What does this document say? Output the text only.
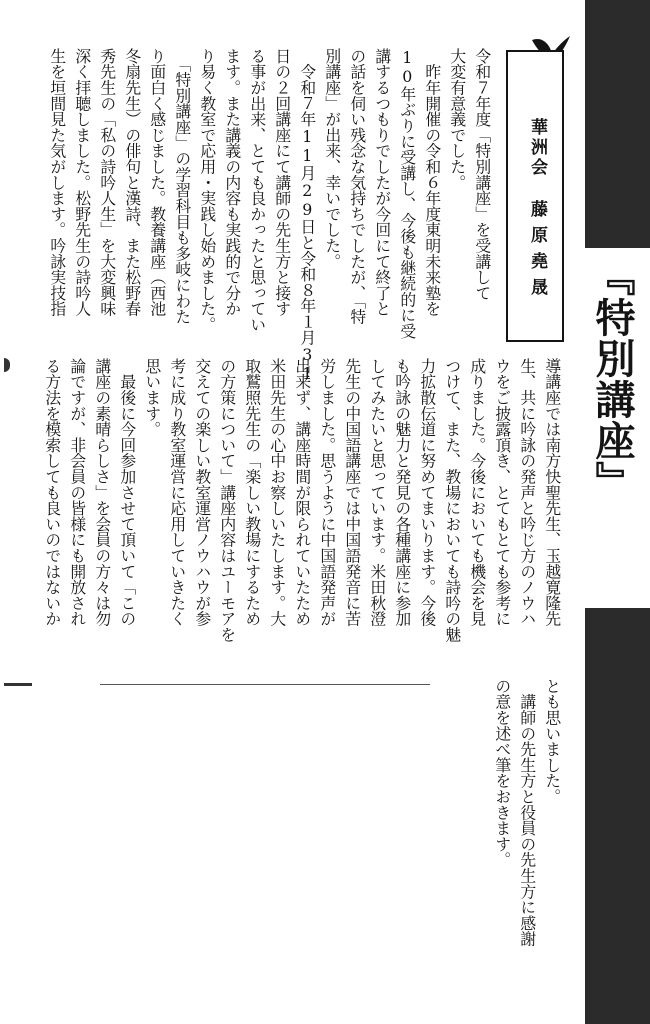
『特別講座』
華洲会
藤原堯晟
令和７年度「特別講座」を受講して
大変有意義でした。
　昨年開催の令和６年度東明未来塾を
10年ぶりに受講し、今後も継続的に受
講するつもりでしたが今回にて終了と
の話を伺い残念な気持ちでしたが、「特
別講座」が出来、幸いでした。
　令和７年11月29日と令和８年１月31
日の２回講座にて講師の先生方と接す
る事が出来、とても良かったと思ってい
ます。また講義の内容も実践的で分か
り易く教室で応用・実践し始めました。
　「特別講座」の学習科目も多岐にわた
り面白く感じました。教養講座（西池
冬扇先生）の俳句と漢詩、また松野春
秀先生の「私の詩吟人生」を大変興味
深く拝聴しました。松野先生の詩吟人
生を垣間見た気がします。吟詠実技指
導講座では南方快聖先生、玉越寛隆先
生、共に吟詠の発声と吟じ方のノウハ
ウをご披露頂き、とてもとても参考に
成りました。今後においても機会を見
つけて、また、教場においても詩吟の魅
力拡散伝道に努めてまいります。今後
も吟詠の魅力と発見の各種講座に参加
してみたいと思っています。米田秋澄
先生の中国語講座では中国語発音に苦
労しました。思うように中国語発声が
出来ず、講座時間が限られていたため
米田先生の心中お察しいたします。大
取鷲照先生の「楽しい教場にするため
の方策について」講座内容はユーモアを
交えての楽しい教室運営ノウハウが参
考に成り教室運営に応用していきたく
思います。
　最後に今回参加させて頂いて「この
講座の素晴らしさ」を会員の方々は勿
論ですが、非会員の皆様にも開放され
る方法を模索しても良いのではないか
とも思いました。
　講師の先生方と役員の先生方に感謝
の意を述べ筆をおきます。
